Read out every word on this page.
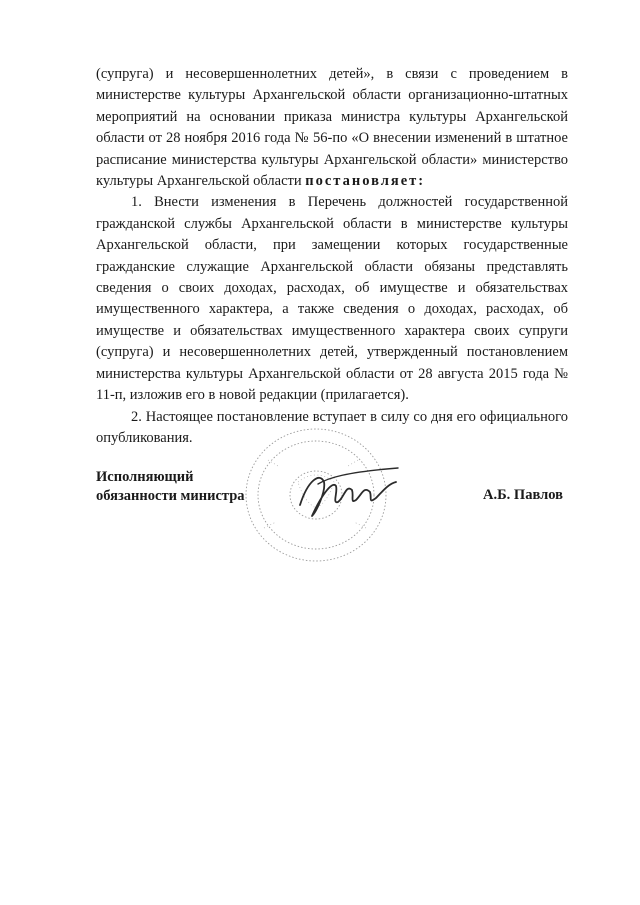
(супруга) и несовершеннолетних детей», в связи с проведением в министерстве культуры Архангельской области организационно-штатных мероприятий на основании приказа министра культуры Архангельской области от 28 ноября 2016 года № 56-по «О внесении изменений в штатное расписание министерства культуры Архангельской области» министерство культуры Архангельской области постановляет:

1. Внести изменения в Перечень должностей государственной гражданской службы Архангельской области в министерстве культуры Архангельской области, при замещении которых государственные гражданские служащие Архангельской области обязаны представлять сведения о своих доходах, расходах, об имуществе и обязательствах имущественного характера, а также сведения о доходах, расходах, об имуществе и обязательствах имущественного характера своих супруги (супруга) и несовершеннолетних детей, утвержденный постановлением министерства культуры Архангельской области от 28 августа 2015 года № 11-п, изложив его в новой редакции (прилагается).

2. Настоящее постановление вступает в силу со дня его официального опубликования.

Исполняющий
обязанности министра	А.Б. Павлов
